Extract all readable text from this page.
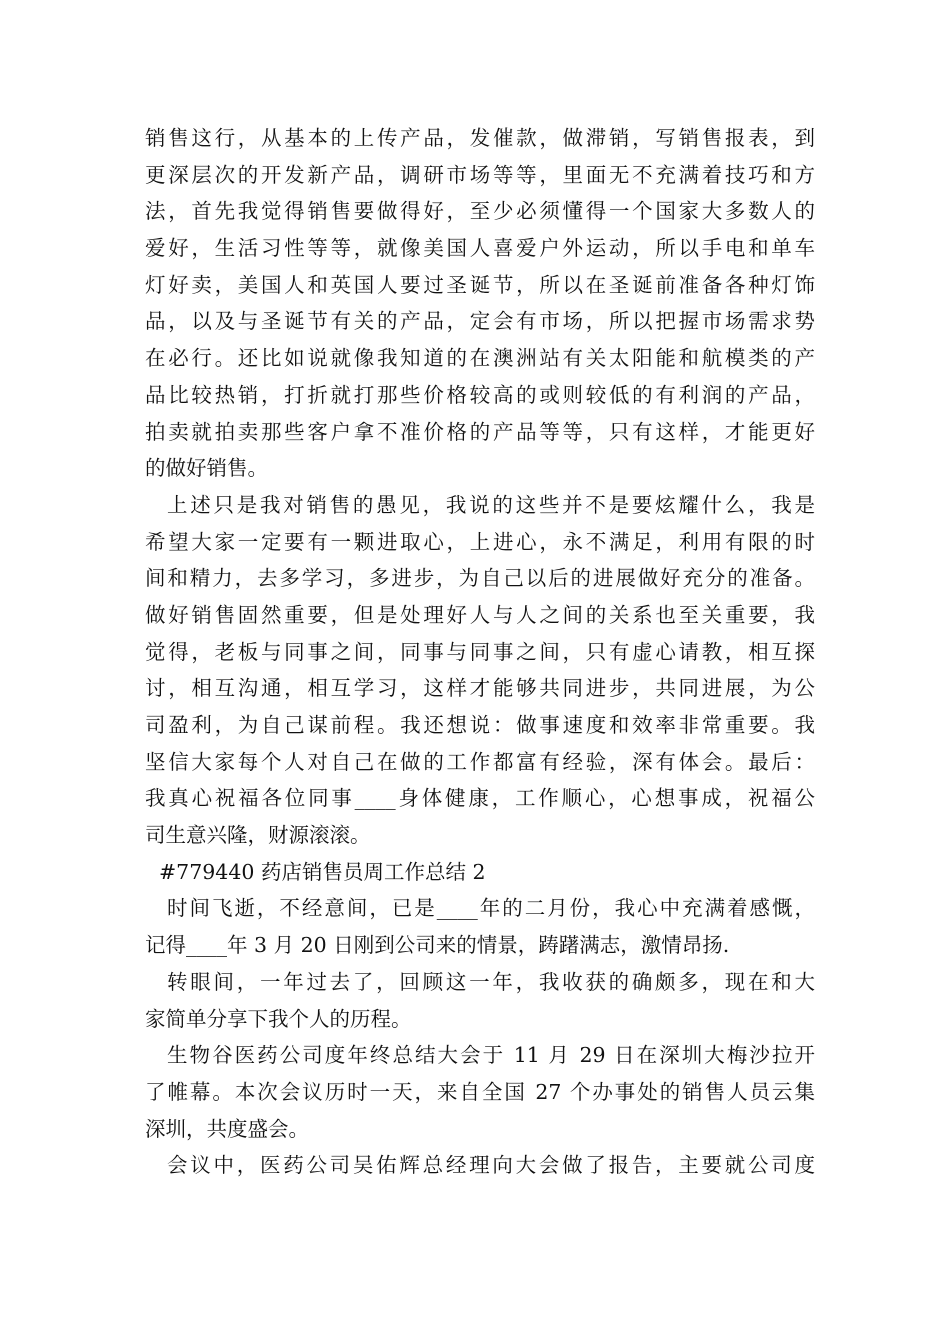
销售这行，从基本的上传产品，发催款，做滞销，写销售报表，到
更深层次的开发新产品，调研市场等等，里面无不充满着技巧和方
法，首先我觉得销售要做得好，至少必须懂得一个国家大多数人的
爱好，生活习性等等，就像美国人喜爱户外运动，所以手电和单车
灯好卖，美国人和英国人要过圣诞节，所以在圣诞前准备各种灯饰
品，以及与圣诞节有关的产品，定会有市场，所以把握市场需求势
在必行。还比如说就像我知道的在澳洲站有关太阳能和航模类的产
品比较热销，打折就打那些价格较高的或则较低的有利润的产品，
拍卖就拍卖那些客户拿不准价格的产品等等，只有这样，才能更好
的做好销售。
上述只是我对销售的愚见，我说的这些并不是要炫耀什么，我是
希望大家一定要有一颗进取心，上进心，永不满足，利用有限的时
间和精力，去多学习，多进步，为自己以后的进展做好充分的准备。
做好销售固然重要，但是处理好人与人之间的关系也至关重要，我
觉得，老板与同事之间，同事与同事之间，只有虚心请教，相互探
讨，相互沟通，相互学习，这样才能够共同进步，共同进展，为公
司盈利，为自己谋前程。我还想说：做事速度和效率非常重要。我
坚信大家每个人对自己在做的工作都富有经验，深有体会。最后：
我真心祝福各位同事____身体健康，工作顺心，心想事成，祝福公
司生意兴隆，财源滚滚。
#779440 药店销售员周工作总结 2
时间飞逝，不经意间，已是____年的二月份，我心中充满着感慨，
记得____年 3 月 20 日刚到公司来的情景，踌躇满志，激情昂扬.
转眼间，一年过去了，回顾这一年，我收获的确颇多，现在和大
家简单分享下我个人的历程。
生物谷医药公司度年终总结大会于 11 月 29 日在深圳大梅沙拉开
了帷幕。本次会议历时一天，来自全国 27 个办事处的销售人员云集
深圳，共度盛会。
会议中，医药公司吴佑辉总经理向大会做了报告，主要就公司度
